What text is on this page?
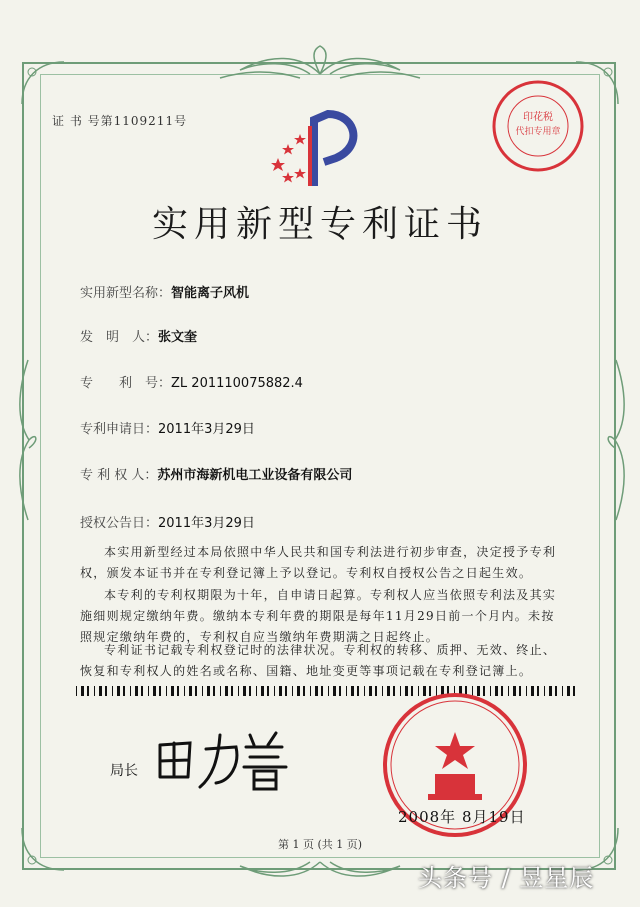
证 书 号第1109211号	印花税
代扣专用章
实用新型专利证书
实用新型名称：智能离子风机
发　明　人：张文奎
专　　利　号：ZL 201110075882.4
专利申请日：2011年3月29日
专 利 权 人：苏州市海新机电工业设备有限公司
授权公告日：2011年3月29日
本实用新型经过本局依照中华人民共和国专利法进行初步审查，决定授予专利权，颁发本证书并在专利登记簿上予以登记。专利权自授权公告之日起生效。
本专利的专利权期限为十年，自申请日起算。专利权人应当依照专利法及其实施细则规定缴纳年费。缴纳本专利年费的期限是每年11月29日前一个月内。未按照规定缴纳年费的，专利权自应当缴纳年费期满之日起终止。
专利证书记载专利权登记时的法律状况。专利权的转移、质押、无效、终止、恢复和专利权人的姓名或名称、国籍、地址变更等事项记载在专利登记簿上。
局长
2008年 8月19日
第 1 页 (共 1 页)
头条号 / 昱星辰
